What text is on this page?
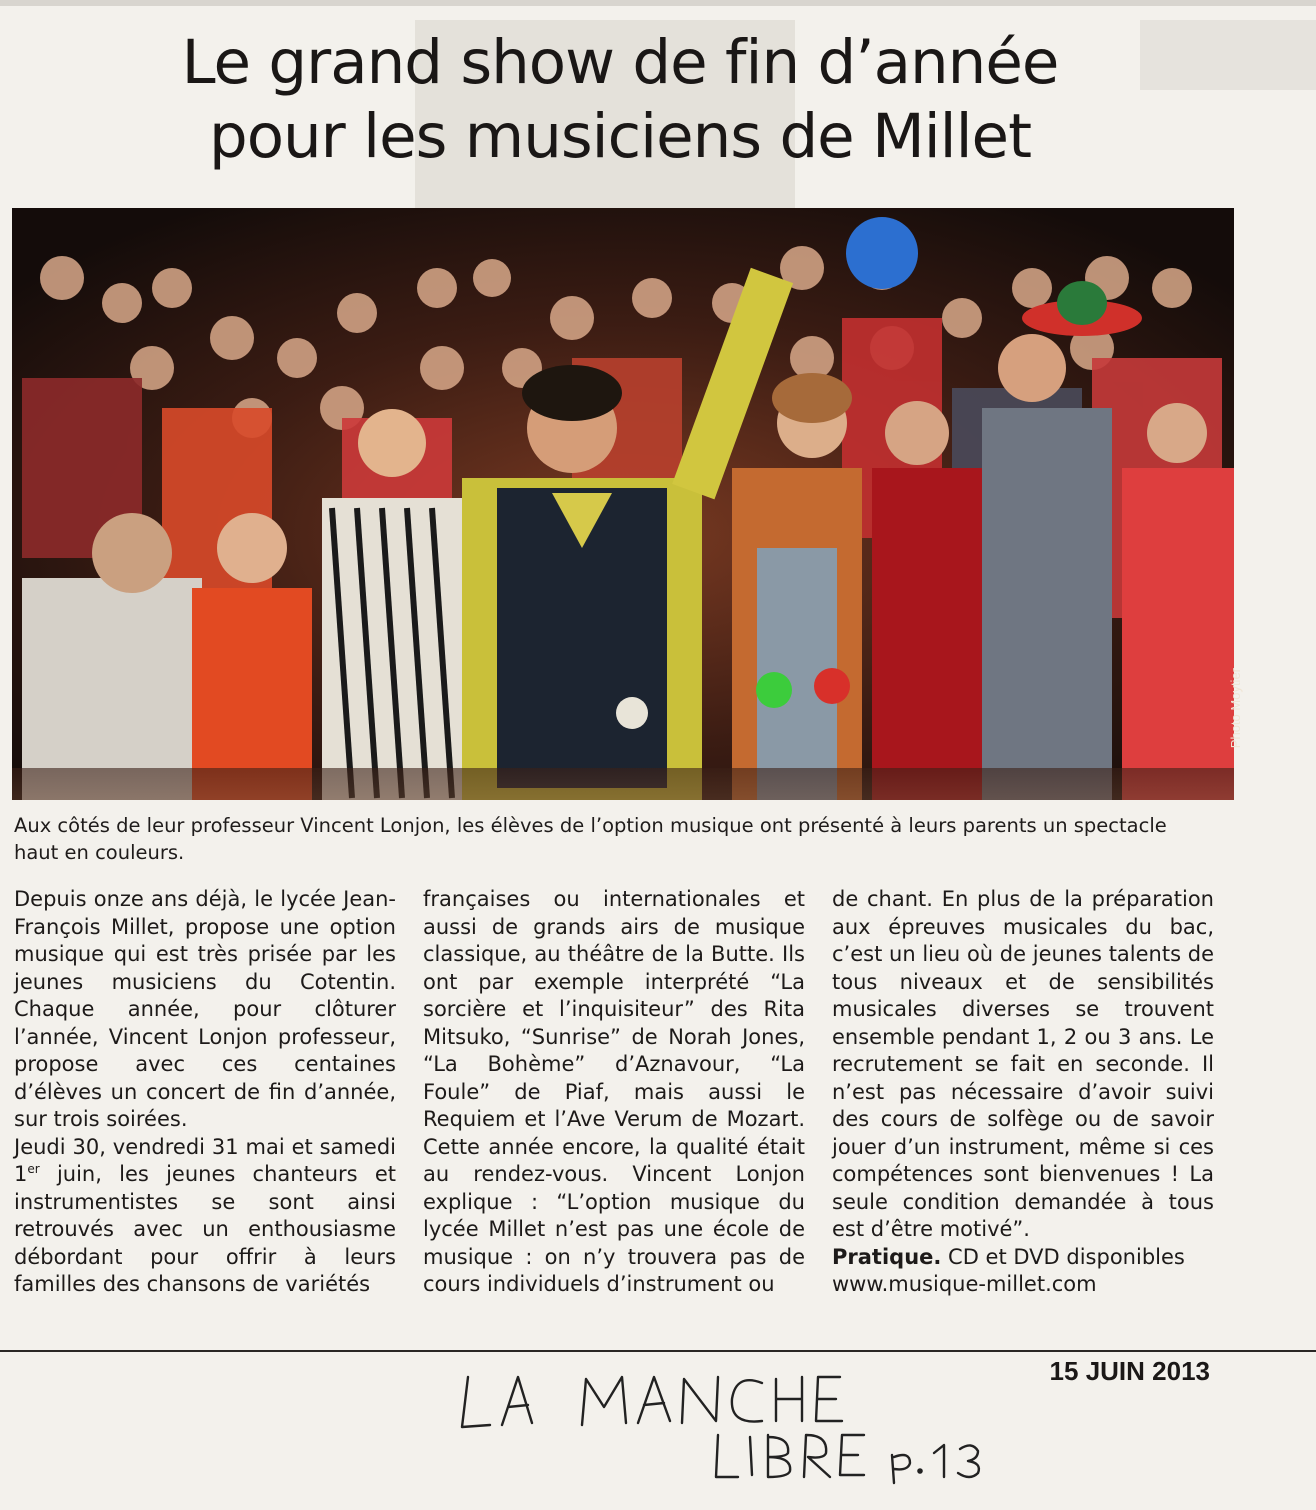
Le grand show de fin d’année
pour les musiciens de Millet
Photo Moytier
Aux côtés de leur professeur Vincent Lonjon, les élèves de l’option musique ont présenté à leurs parents un spectacle haut en couleurs.

Depuis onze ans déjà, le lycée Jean-François Millet, propose une option musique qui est très prisée par les jeunes musiciens du Cotentin. Chaque année, pour clôturer l’année, Vincent Lonjon professeur, propose avec ces centaines d’élèves un concert de fin d’année, sur trois soirées.

Jeudi 30, vendredi 31 mai et samedi 1er juin, les jeunes chanteurs et instrumentistes se sont ainsi retrouvés avec un enthousiasme débordant pour offrir à leurs familles des chansons de variétés

françaises ou internationales et aussi de grands airs de musique classique, au théâtre de la Butte. Ils ont par exemple interprété “La sorcière et l’inquisiteur” des Rita Mitsuko, “Sunrise” de Norah Jones, “La Bohème” d’Aznavour, “La Foule” de Piaf, mais aussi le Requiem et l’Ave Verum de Mozart. Cette année encore, la qualité était au rendez-vous. Vincent Lonjon explique : “L’option musique du lycée Millet n’est pas une école de musique : on n’y trouvera pas de cours individuels d’instrument ou

de chant. En plus de la préparation aux épreuves musicales du bac, c’est un lieu où de jeunes talents de tous niveaux et de sensibilités musicales diverses se trouvent ensemble pendant 1, 2 ou 3 ans. Le recrutement se fait en seconde. Il n’est pas nécessaire d’avoir suivi des cours de solfège ou de savoir jouer d’un instrument, même si ces compétences sont bienvenues ! La seule condition demandée à tous est d’être motivé”.

Pratique. CD et DVD disponibles
www.musique-millet.com

15 JUIN 2013
